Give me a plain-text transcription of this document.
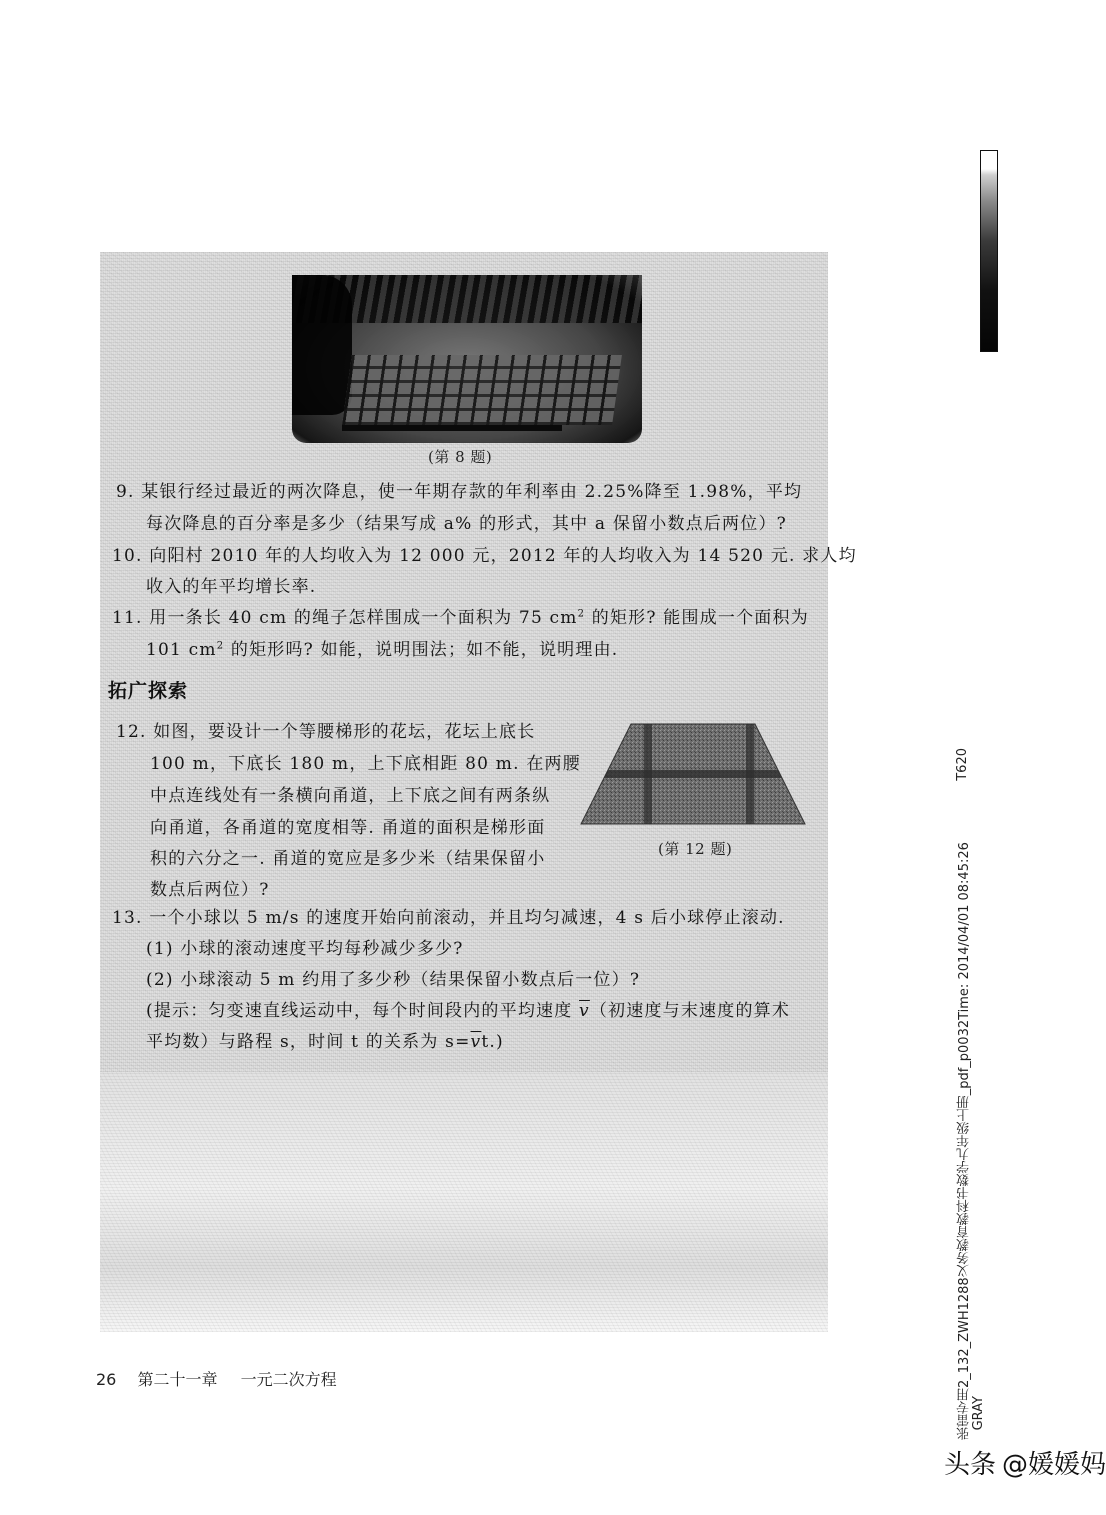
(第 8 题)
9. 某银行经过最近的两次降息，使一年期存款的年利率由 2.25%降至 1.98%，平均
每次降息的百分率是多少（结果写成 a% 的形式，其中 a 保留小数点后两位）?
10. 向阳村 2010 年的人均收入为 12 000 元，2012 年的人均收入为 14 520 元. 求人均
收入的年平均增长率.
11. 用一条长 40 cm 的绳子怎样围成一个面积为 75 $cm^2$ 的矩形? 能围成一个面积为
101 $cm^2$ 的矩形吗? 如能，说明围法；如不能，说明理由.
拓广探索
12. 如图，要设计一个等腰梯形的花坛，花坛上底长
100 m，下底长 180 m，上下底相距 80 m. 在两腰
中点连线处有一条横向甬道，上下底之间有两条纵
向甬道，各甬道的宽度相等. 甬道的面积是梯形面
积的六分之一. 甬道的宽应是多少米（结果保留小
数点后两位）?
(第 12 题)
13. 一个小球以 5 m/s 的速度开始向前滚动，并且均匀减速，4 s 后小球停止滚动.
(1) 小球的滚动速度平均每秒减少多少?
(2) 小球滚动 5 m 约用了多少秒（结果保留小数点后一位）?
(提示：匀变速直线运动中，每个时间段内的平均速度 $\overline{v}$（初速度与末速度的算术
平均数）与路程 s，时间 t 的关系为 $s=\overline{v}t$.)
26 第二十一章 一元二次方程	张雷专用2_132_ZWH1288义务教育教科书数学九年级上册_pdf_p0032Time: 2014/04/01 08:45:26
T620
GRAY
头条 @媛媛妈
